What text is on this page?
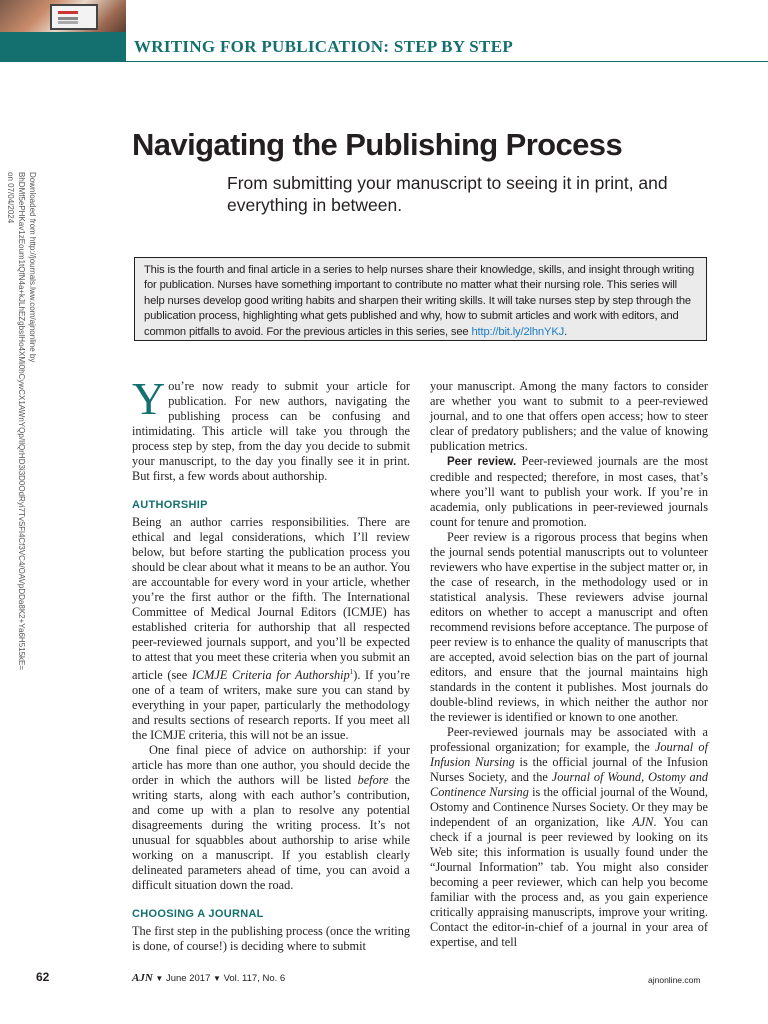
WRITING FOR PUBLICATION: STEP BY STEP
Navigating the Publishing Process
From submitting your manuscript to seeing it in print, and everything in between.
Downloaded from http://journals.lww.com/ajnonline by BhDMf5ePHKav1zEoum1tQfN4a+kJLhEZgbsIHo4XMi0hCywCX1AWnYQp/IlQrHD3i3D0OdRyi7TvSFl4Cf3VC4/OAVpDDa8K2+Ya6H515kE= on 07/04/2024
This is the fourth and final article in a series to help nurses share their knowledge, skills, and insight through writing for publication. Nurses have something important to contribute no matter what their nursing role. This series will help nurses develop good writing habits and sharpen their writing skills. It will take nurses step by step through the publication process, highlighting what gets published and why, how to submit articles and work with editors, and common pitfalls to avoid. For the previous articles in this series, see http://bit.ly/2lhnYKJ.

You’re now ready to submit your article for publication. For new authors, navigating the publishing process can be confusing and intimidating. This article will take you through the process step by step, from the day you decide to submit your manuscript, to the day you finally see it in print. But first, a few words about authorship.

AUTHORSHIP

Being an author carries responsibilities. There are ethical and legal considerations, which I’ll review below, but before starting the publication process you should be clear about what it means to be an author. You are accountable for every word in your article, whether you’re the first author or the fifth. The International Committee of Medical Journal Editors (ICMJE) has established criteria for authorship that all respected peer-reviewed journals support, and you’ll be expected to attest that you meet these criteria when you submit an article (see ICMJE Criteria for Authorship$^1$). If you’re one of a team of writers, make sure you can stand by everything in your paper, particularly the methodology and results sections of research reports. If you meet all the ICMJE criteria, this will not be an issue.

One final piece of advice on authorship: if your article has more than one author, you should decide the order in which the authors will be listed before the writing starts, along with each author’s contribution, and come up with a plan to resolve any potential disagreements during the writing process. It’s not unusual for squabbles about authorship to arise while working on a manuscript. If you establish clearly delineated parameters ahead of time, you can avoid a difficult situation down the road.

CHOOSING A JOURNAL

The first step in the publishing process (once the writing is done, of course!) is deciding where to submit

your manuscript. Among the many factors to consider are whether you want to submit to a peer-reviewed journal, and to one that offers open access; how to steer clear of predatory publishers; and the value of knowing publication metrics.

Peer review. Peer-reviewed journals are the most credible and respected; therefore, in most cases, that’s where you’ll want to publish your work. If you’re in academia, only publications in peer-reviewed journals count for tenure and promotion.

Peer review is a rigorous process that begins when the journal sends potential manuscripts out to volunteer reviewers who have expertise in the subject matter or, in the case of research, in the methodology used or in statistical analysis. These reviewers advise journal editors on whether to accept a manuscript and often recommend revisions before acceptance. The purpose of peer review is to enhance the quality of manuscripts that are accepted, avoid selection bias on the part of journal editors, and ensure that the journal maintains high standards in the content it publishes. Most journals do double-blind reviews, in which neither the author nor the reviewer is identified or known to one another.

Peer-reviewed journals may be associated with a professional organization; for example, the Journal of Infusion Nursing is the official journal of the Infusion Nurses Society, and the Journal of Wound, Ostomy and Continence Nursing is the official journal of the Wound, Ostomy and Continence Nurses Society. Or they may be independent of an organization, like AJN. You can check if a journal is peer reviewed by looking on its Web site; this information is usually found under the “Journal Information” tab. You might also consider becoming a peer reviewer, which can help you become familiar with the process and, as you gain experience critically appraising manuscripts, improve your writing. Contact the editor-in-chief of a journal in your area of expertise, and tell

62	AJN ▼ June 2017 ▼ Vol. 117, No. 6	ajnonline.com
